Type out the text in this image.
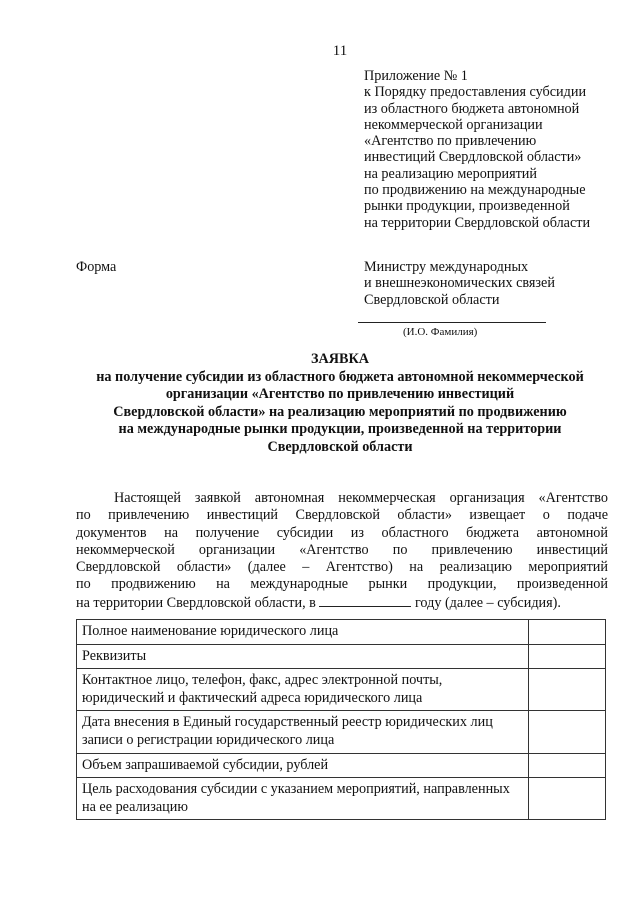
11
Приложение № 1
к Порядку предоставления субсидии
из областного бюджета автономной
некоммерческой организации
«Агентство по привлечению
инвестиций Свердловской области»
на реализацию мероприятий
по продвижению на международные
рынки продукции, произведенной
на территории Свердловской области
Форма	Министру международных
и внешнеэкономических связей
Свердловской области
(И.О. Фамилия)
ЗАЯВКА
на получение субсидии из областного бюджета автономной некоммерческой
организации «Агентство по привлечению инвестиций
Свердловской области» на реализацию мероприятий по продвижению
на международные рынки продукции, произведенной на территории
Свердловской области
Настоящей заявкой автономная некоммерческая организация «Агентство
по привлечению инвестиций Свердловской области» извещает о подаче
документов на получение субсидии из областного бюджета автономной
некоммерческой организации «Агентство по привлечению инвестиций
Свердловской области» (далее – Агентство) на реализацию мероприятий
по продвижению на международные рынки продукции, произведенной
на территории Свердловской области, в	году (далее – субсидия).
Полное наименование юридического лица	
Реквизиты	
Контактное лицо, телефон, факс, адрес электронной почты, юридический и фактический адреса юридического лица	
Дата внесения в Единый государственный реестр юридических лиц записи о регистрации юридического лица	
Объем запрашиваемой субсидии, рублей	
Цель расходования субсидии с указанием мероприятий, направленных на ее реализацию	
